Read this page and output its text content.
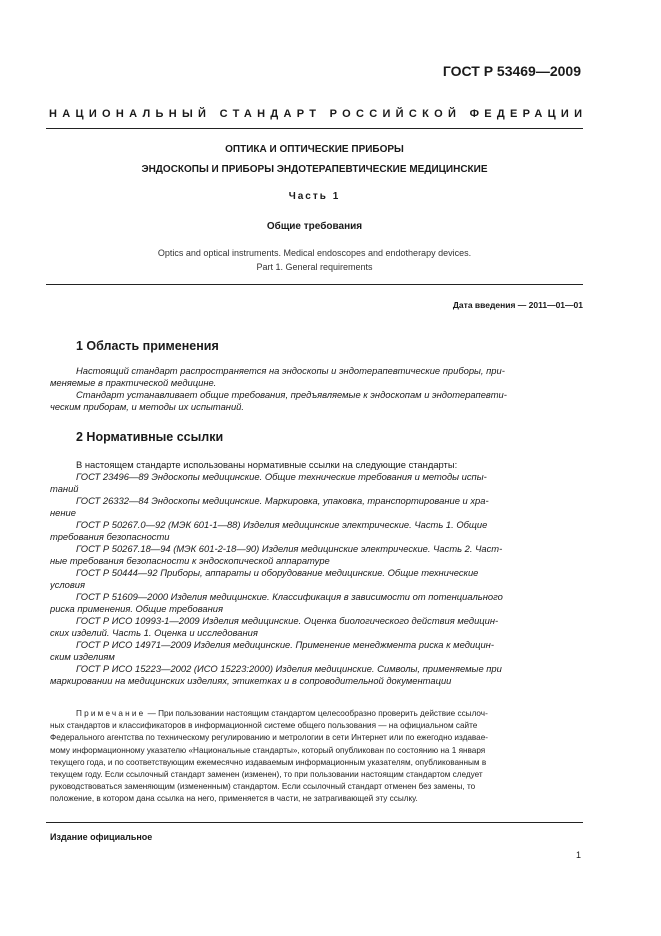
ГОСТ Р 53469—2009
НАЦИОНАЛЬНЫЙ СТАНДАРТ РОССИЙСКОЙ ФЕДЕРАЦИИ
ОПТИКА И ОПТИЧЕСКИЕ ПРИБОРЫ
ЭНДОСКОПЫ И ПРИБОРЫ ЭНДОТЕРАПЕВТИЧЕСКИЕ МЕДИЦИНСКИЕ
Часть 1
Общие требования
Optics and optical instruments. Medical endoscopes and endotherapy devices.
Part 1. General requirements
Дата введения — 2011—01—01
1 Область применения
Настоящий стандарт распространяется на эндоскопы и эндотерапевтические приборы, при-
меняемые в практической медицине.
Стандарт устанавливает общие требования, предъявляемые к эндоскопам и эндотерапевти-
ческим приборам, и методы их испытаний.
2 Нормативные ссылки
В настоящем стандарте использованы нормативные ссылки на следующие стандарты:
ГОСТ 23496—89 Эндоскопы медицинские. Общие технические требования и методы испы-
таний
ГОСТ 26332—84 Эндоскопы медицинские. Маркировка, упаковка, транспортирование и хра-
нение
ГОСТ Р 50267.0—92 (МЭК 601-1—88) Изделия медицинские электрические. Часть 1. Общие
требования безопасности
ГОСТ Р 50267.18—94 (МЭК 601-2-18—90) Изделия медицинские электрические. Часть 2. Част-
ные требования безопасности к эндоскопической аппаратуре
ГОСТ Р 50444—92 Приборы, аппараты и оборудование медицинские. Общие технические
условия
ГОСТ Р 51609—2000 Изделия медицинские. Классификация в зависимости от потенциального
риска применения. Общие требования
ГОСТ Р ИСО 10993-1—2009 Изделия медицинские. Оценка биологического действия медицин-
ских изделий. Часть 1. Оценка и исследования
ГОСТ Р ИСО 14971—2009 Изделия медицинские. Применение менеджмента риска к медицин-
ским изделиям
ГОСТ Р ИСО 15223—2002 (ИСО 15223:2000) Изделия медицинские. Символы, применяемые при
маркировании на медицинских изделиях, этикетках и в сопроводительной документации
Примечание — При пользовании настоящим стандартом целесообразно проверить действие ссылоч-
ных стандартов и классификаторов в информационной системе общего пользования — на официальном сайте
Федерального агентства по техническому регулированию и метрологии в сети Интернет или по ежегодно издавае-
мому информационному указателю «Национальные стандарты», который опубликован по состоянию на 1 января
текущего года, и по соответствующим ежемесячно издаваемым информационным указателям, опубликованным в
текущем году. Если ссылочный стандарт заменен (изменен), то при пользовании настоящим стандартом следует
руководствоваться заменяющим (измененным) стандартом. Если ссылочный стандарт отменен без замены, то
положение, в котором дана ссылка на него, применяется в части, не затрагивающей эту ссылку.
Издание официальное
1
